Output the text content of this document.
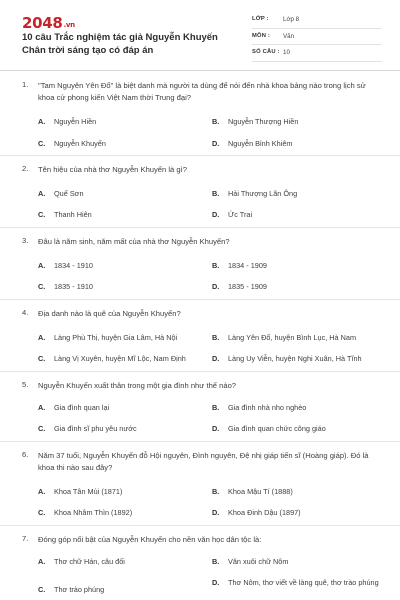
2048.vn
10 câu Trắc nghiệm tác giả Nguyễn Khuyến Chân trời sáng tạo có đáp án
LỚP : Lớp 8
MÔN : Văn
SỐ CÂU : 10
1. "Tam Nguyên Yên Đổ" là biệt danh mà người ta dùng để nói đến nhà khoa bảng nào trong lịch sử khoa cử phong kiến Việt Nam thời Trung đại?
A. Nguyễn Hiền	B. Nguyễn Thượng Hiền
C. Nguyễn Khuyến	D. Nguyễn Bỉnh Khiêm
2. Tên hiệu của nhà thơ Nguyễn Khuyến là gì?
A. Quế Sơn	B. Hải Thượng Lãn Ông
C. Thanh Hiên	D. Ức Trai
3. Đâu là năm sinh, năm mất của nhà thơ Nguyễn Khuyến?
A. 1834 - 1910	B. 1834 - 1909
C. 1835 - 1910	D. 1835 - 1909
4. Địa danh nào là quê của Nguyễn Khuyến?
A. Làng Phù Thị, huyện Gia Lâm, Hà Nội	B. Làng Yên Đổ, huyện Bình Lục, Hà Nam
C. Làng Vị Xuyên, huyện Mĩ Lộc, Nam Định	D. Làng Uy Viễn, huyện Nghi Xuân, Hà Tĩnh
5. Nguyễn Khuyến xuất thân trong một gia đình như thế nào?
A. Gia đình quan lại	B. Gia đình nhà nho nghèo
C. Gia đình sĩ phu yêu nước	D. Gia đình quan chức công giáo
6. Năm 37 tuổi, Nguyễn Khuyến đỗ Hội nguyên, Đình nguyên, Đệ nhị giáp tiến sĩ (Hoàng giáp). Đó là khoa thi nào sau đây?
A. Khoa Tân Mùi (1871)	B. Khoa Mậu Tí (1888)
C. Khoa Nhâm Thìn (1892)	D. Khoa Đinh Dậu (1897)
7. Đóng góp nổi bật của Nguyễn Khuyến cho nền văn học dân tộc là:
A. Thơ chữ Hán, câu đối	B. Văn xuôi chữ Nôm
C. Thơ trào phúng
D. Thơ Nôm, thơ viết về làng quê, thơ trào phúng
